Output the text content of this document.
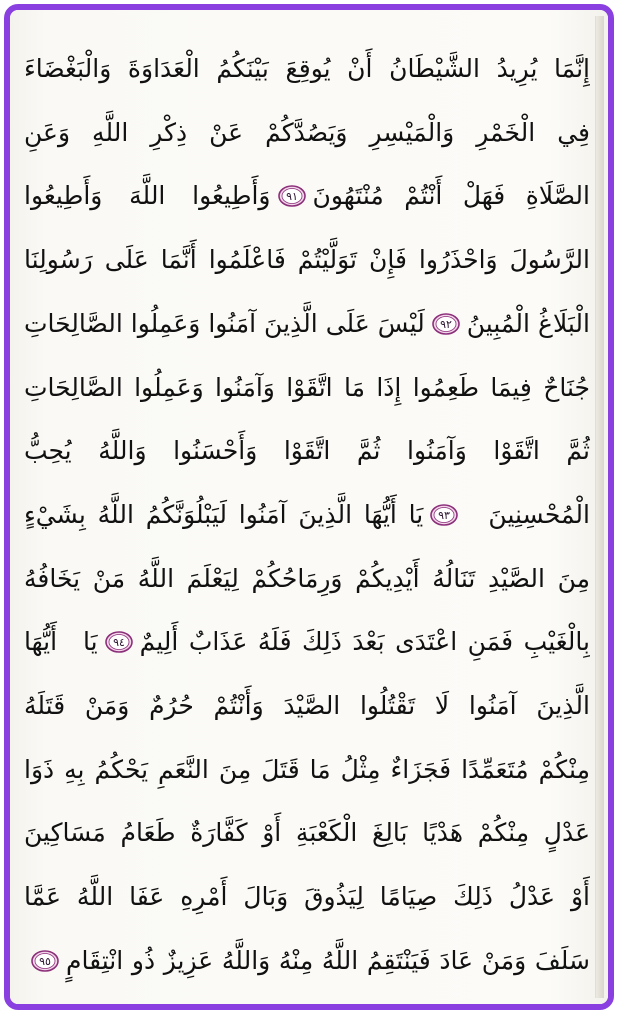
إِنَّمَا يُرِيدُ الشَّيْطَانُ أَنْ يُوقِعَ بَيْنَكُمُ الْعَدَاوَةَ وَالْبَغْضَاءَ
فِي الْخَمْرِ وَالْمَيْسِرِ وَيَصُدَّكُمْ عَنْ ذِكْرِ اللَّهِ وَعَنِ
الصَّلَاةِ فَهَلْ أَنْتُمْ مُنْتَهُونَ
٩١
وَأَطِيعُوا اللَّهَ وَأَطِيعُوا
الرَّسُولَ وَاحْذَرُوا فَإِنْ تَوَلَّيْتُمْ فَاعْلَمُوا أَنَّمَا عَلَى رَسُولِنَا
الْبَلَاغُ الْمُبِينُ
٩٢
لَيْسَ عَلَى الَّذِينَ آمَنُوا وَعَمِلُوا الصَّالِحَاتِ
جُنَاحٌ فِيمَا طَعِمُوا إِذَا مَا اتَّقَوْا وَآمَنُوا وَعَمِلُوا الصَّالِحَاتِ
ثُمَّ اتَّقَوْا وَآمَنُوا ثُمَّ اتَّقَوْا وَأَحْسَنُوا وَاللَّهُ يُحِبُّ
الْمُحْسِنِينَ
٩٣
يَا أَيُّهَا الَّذِينَ آمَنُوا لَيَبْلُوَنَّكُمُ اللَّهُ بِشَيْءٍ
مِنَ الصَّيْدِ تَنَالُهُ أَيْدِيكُمْ وَرِمَاحُكُمْ لِيَعْلَمَ اللَّهُ مَنْ يَخَافُهُ
بِالْغَيْبِ فَمَنِ اعْتَدَى بَعْدَ ذَلِكَ فَلَهُ عَذَابٌ أَلِيمٌ
٩٤
يَا أَيُّهَا
الَّذِينَ آمَنُوا لَا تَقْتُلُوا الصَّيْدَ وَأَنْتُمْ حُرُمٌ وَمَنْ قَتَلَهُ
مِنْكُمْ مُتَعَمِّدًا فَجَزَاءٌ مِثْلُ مَا قَتَلَ مِنَ النَّعَمِ يَحْكُمُ بِهِ ذَوَا
عَدْلٍ مِنْكُمْ هَدْيًا بَالِغَ الْكَعْبَةِ أَوْ كَفَّارَةٌ طَعَامُ مَسَاكِينَ
أَوْ عَدْلُ ذَلِكَ صِيَامًا لِيَذُوقَ وَبَالَ أَمْرِهِ عَفَا اللَّهُ عَمَّا
سَلَفَ وَمَنْ عَادَ فَيَنْتَقِمُ اللَّهُ مِنْهُ وَاللَّهُ عَزِيزٌ ذُو انْتِقَامٍ
٩٥
